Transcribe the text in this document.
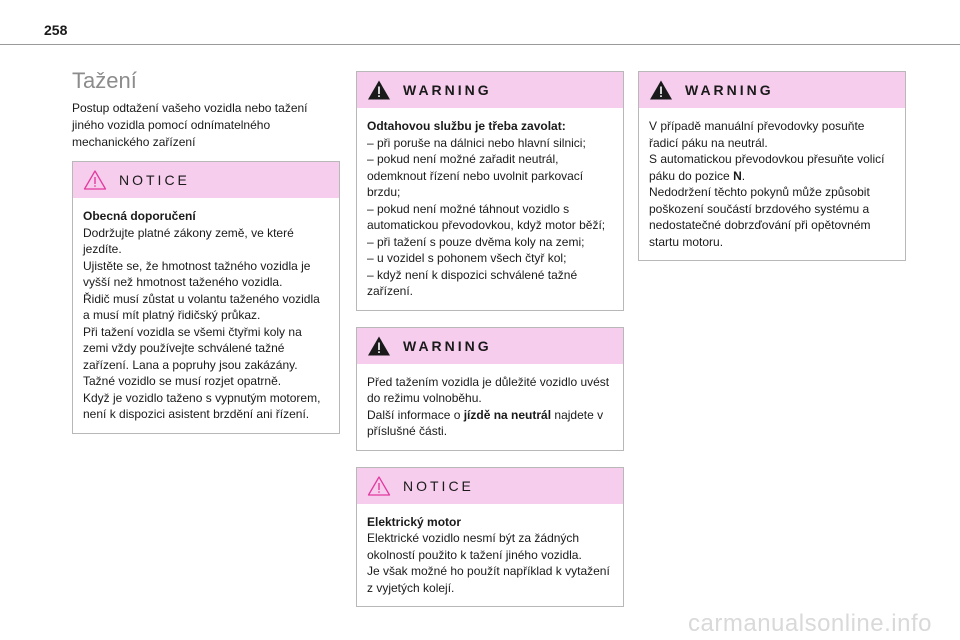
258
Tažení

Postup odtažení vašeho vozidla nebo tažení jiného vozidla pomocí odnímatelného mechanického zařízení

NOTICE

Obecná doporučení

Dodržujte platné zákony země, ve které jezdíte.

Ujistěte se, že hmotnost tažného vozidla je vyšší než hmotnost taženého vozidla.

Řidič musí zůstat u volantu taženého vozidla a musí mít platný řidičský průkaz.

Při tažení vozidla se všemi čtyřmi koly na zemi vždy používejte schválené tažné zařízení. Lana a popruhy jsou zakázány.

Tažné vozidlo se musí rozjet opatrně.

Když je vozidlo taženo s vypnutým motorem, není k dispozici asistent brzdění ani řízení.

WARNING

Odtahovou službu je třeba zavolat:

– při poruše na dálnici nebo hlavní silnici;

– pokud není možné zařadit neutrál, odemknout řízení nebo uvolnit parkovací brzdu;

– pokud není možné táhnout vozidlo s automatickou převodovkou, když motor běží;

– při tažení s pouze dvěma koly na zemi;

– u vozidel s pohonem všech čtyř kol;

– když není k dispozici schválené tažné zařízení.

WARNING

Před tažením vozidla je důležité vozidlo uvést do režimu volnoběhu.

Další informace o jízdě na neutrál najdete v příslušné části.

NOTICE

Elektrický motor

Elektrické vozidlo nesmí být za žádných okolností použito k tažení jiného vozidla.

Je však možné ho použít například k vytažení z vyjetých kolejí.

WARNING

V případě manuální převodovky posuňte řadicí páku na neutrál.

S automatickou převodovkou přesuňte volicí páku do pozice N.

Nedodržení těchto pokynů může způsobit poškození součástí brzdového systému a nedostatečné dobrzďování při opětovném startu motoru.

carmanualsonline.info
